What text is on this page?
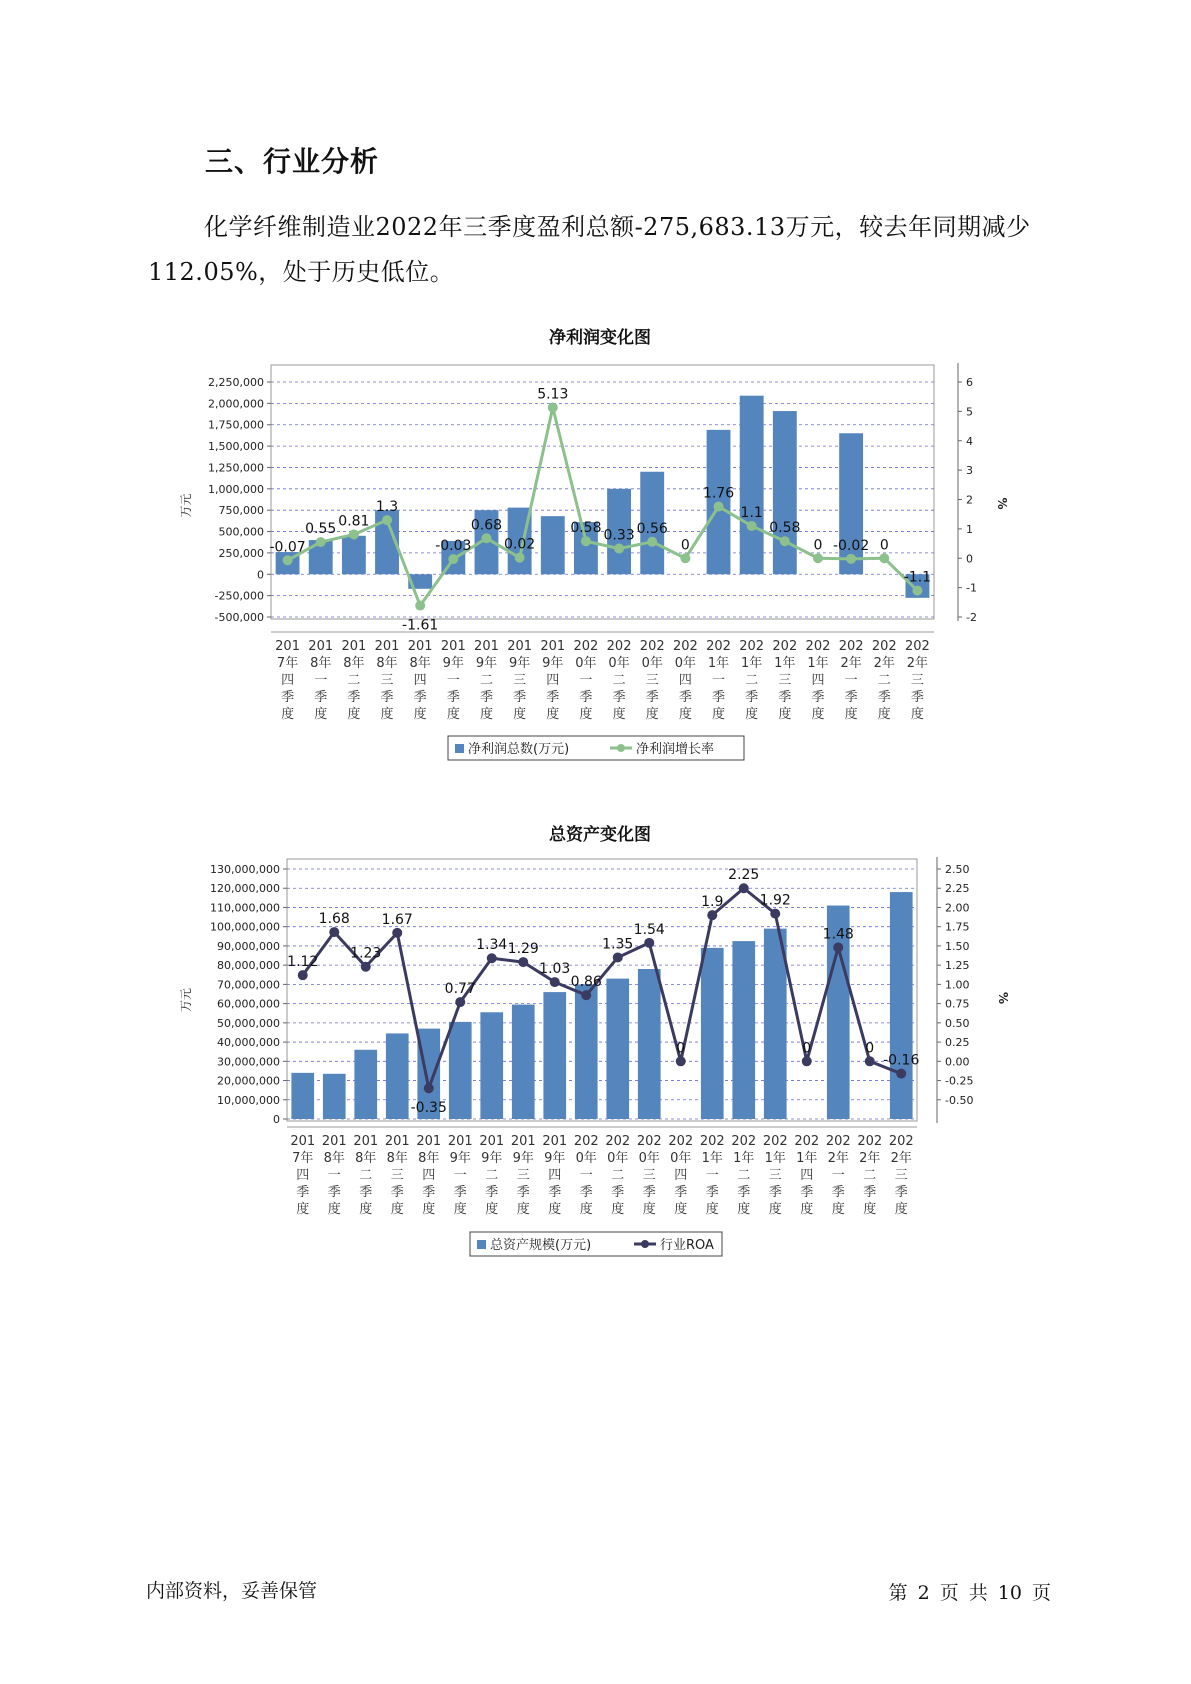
三、行业分析
化学纤维制造业2022年三季度盈利总额-275,683.13万元，较去年同期减少112.05%，处于历史低位。
净利润变化图
2,250,000
2,000,000
1,750,000
1,500,000
1,250,000
1,000,000
750,000
500,000
250,000
0
-250,000
-500,000
6
5
4
3
2
1
0
-1
-2
万元	%
201
7年
四
季
度
201
8年
一
季
度
201
8年
二
季
度
201
8年
三
季
度
201
8年
四
季
度
201
9年
一
季
度
201
9年
二
季
度
201
9年
三
季
度
201
9年
四
季
度
202
0年
一
季
度
202
0年
二
季
度
202
0年
三
季
度
202
0年
四
季
度
202
1年
一
季
度
202
1年
二
季
度
202
1年
三
季
度
202
1年
四
季
度
202
2年
一
季
度
202
2年
二
季
度
202
2年
三
季
度
-0.07
0.55 0.81
1.3
-1.61
-0.03
0.68
0.02
5.13
0.58 0.33 0.56
0
1.76
1.1
0.58
0 -0.02 0
-1.1
净利润总数(万元)	净利润增长率
总资产变化图
130,000,000
120,000,000
110,000,000
100,000,000
90,000,000
80,000,000
70,000,000
60,000,000
50,000,000
40,000,000
30,000,000
20,000,000
10,000,000
0
2.50
2.25
2.00
1.75
1.50
1.25
1.00
0.75
0.50
0.25
0.00
-0.25
-0.50
万元	%
201
7年
四
季
度
201
8年
一
季
度
201
8年
二
季
度
201
8年
三
季
度
201
8年
四
季
度
201
9年
一
季
度
201
9年
二
季
度
201
9年
三
季
度
201
9年
四
季
度
202
0年
一
季
度
202
0年
二
季
度
202
0年
三
季
度
202
0年
四
季
度
202
1年
一
季
度
202
1年
二
季
度
202
1年
三
季
度
202
1年
四
季
度
202
2年
一
季
度
202
2年
二
季
度
202
2年
三
季
度
1.12
1.68
1.23
1.67
-0.35
0.77
1.34 1.29
1.03
0.86
1.35
1.54
0
1.9
2.25
1.92
0
1.48
0
-0.16
总资产规模(万元)	行业ROA
内部资料，妥善保管	第 2 页 共 10 页
